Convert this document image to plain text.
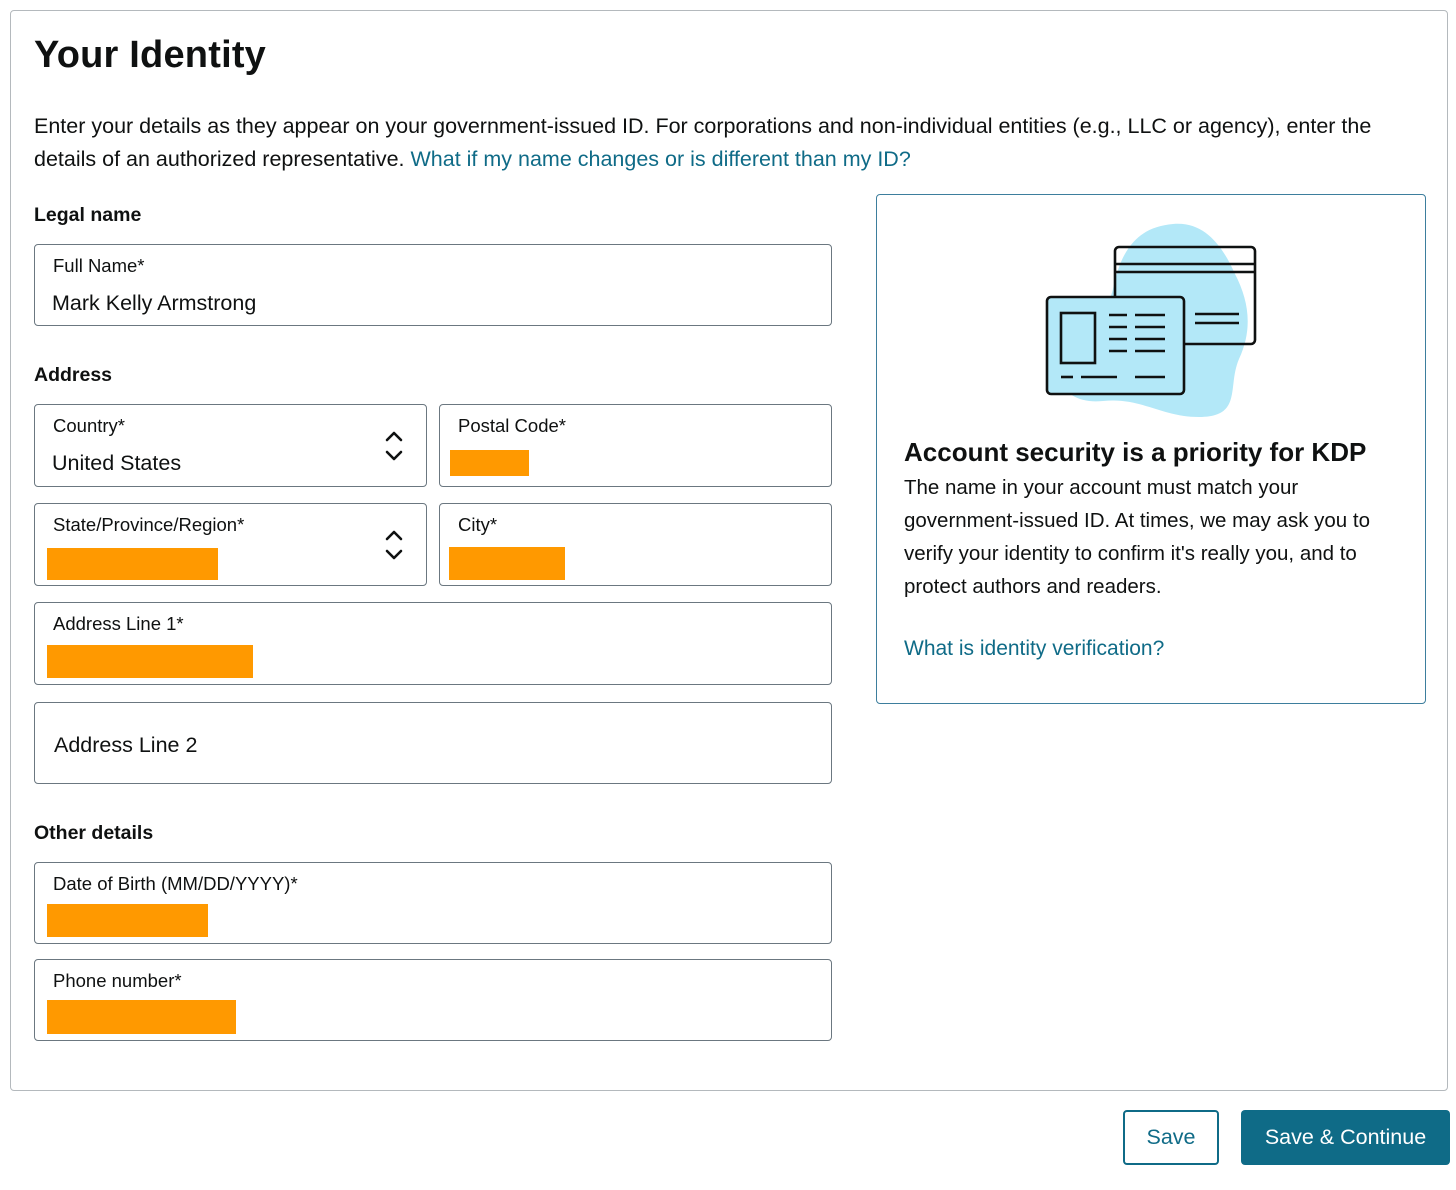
Your Identity
Enter your details as they appear on your government-issued ID. For corporations and non-individual entities (e.g., LLC or agency), enter the details of an authorized representative. What if my name changes or is different than my ID?
Legal name
Full Name*
Mark Kelly Armstrong
Address
Country*
United States
Postal Code*
State/Province/Region*	City*
Address Line 1*
Address Line 2
Other details
Date of Birth (MM/DD/YYYY)*
Phone number*
Account security is a priority for KDP
The name in your account must match your government-issued ID. At times, we may ask you to verify your identity to confirm it's really you, and to protect authors and readers.
What is identity verification?
Save	Save & Continue
